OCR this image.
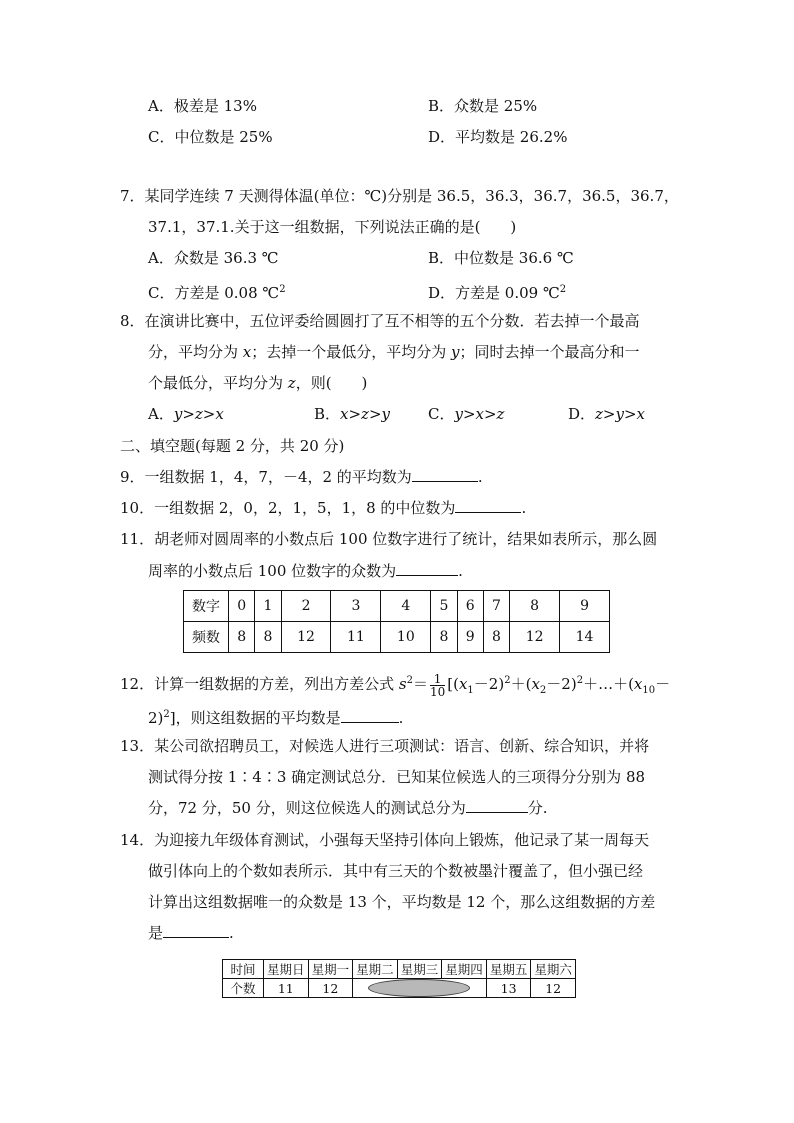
A．极差是 13%	B．众数是 25%
C．中位数是 25%	D．平均数是 26.2%
7．某同学连续 7 天测得体温(单位：℃)分别是 36.5，36.3，36.7，36.5，36.7，
37.1，37.1.关于这一组数据，下列说法正确的是(　　)
A．众数是 36.3 ℃	B．中位数是 36.6 ℃
C．方差是 0.08 ℃$^2$	D．方差是 0.09 ℃$^2$
8．在演讲比赛中，五位评委给圆圆打了互不相等的五个分数．若去掉一个最高
分，平均分为 x；去掉一个最低分，平均分为 y；同时去掉一个最高分和一
个最低分，平均分为 z，则(　　)
A．y>z>x	B．x>z>y	C．y>x>z	D．z>y>x
二、填空题(每题 2 分，共 20 分)
9．一组数据 1，4，7，－4，2 的平均数为	.
10．一组数据 2，0，2，1，5，1，8 的中位数为	.
11．胡老师对圆周率的小数点后 100 位数字进行了统计，结果如表所示，那么圆
周率的小数点后 100 位数字的众数为	.
数字	0	1	2	3	4	5	6	7	8	9
频数	8	8	12	11	10	8	9	8	12	14
12．计算一组数据的方差，列出方差公式 $s^2= \frac{1}{10}$ [$(x_1-2)^2+(x_2-2)^2+\dots+(x_{10}-$
2)$^2$]，则这组数据的平均数是	.
13．某公司欲招聘员工，对候选人进行三项测试：语言、创新、综合知识，并将
测试得分按 1∶4∶3 确定测试总分．已知某位候选人的三项得分分别为 88
分，72 分，50 分，则这位候选人的测试总分为	分.
14．为迎接九年级体育测试，小强每天坚持引体向上锻炼，他记录了某一周每天
做引体向上的个数如表所示．其中有三天的个数被墨汁覆盖了，但小强已经
计算出这组数据唯一的众数是 13 个，平均数是 12 个，那么这组数据的方差
是	.
时间	星期日	星期一	星期二	星期三	星期四	星期五	星期六
个数	11	12				13	12
